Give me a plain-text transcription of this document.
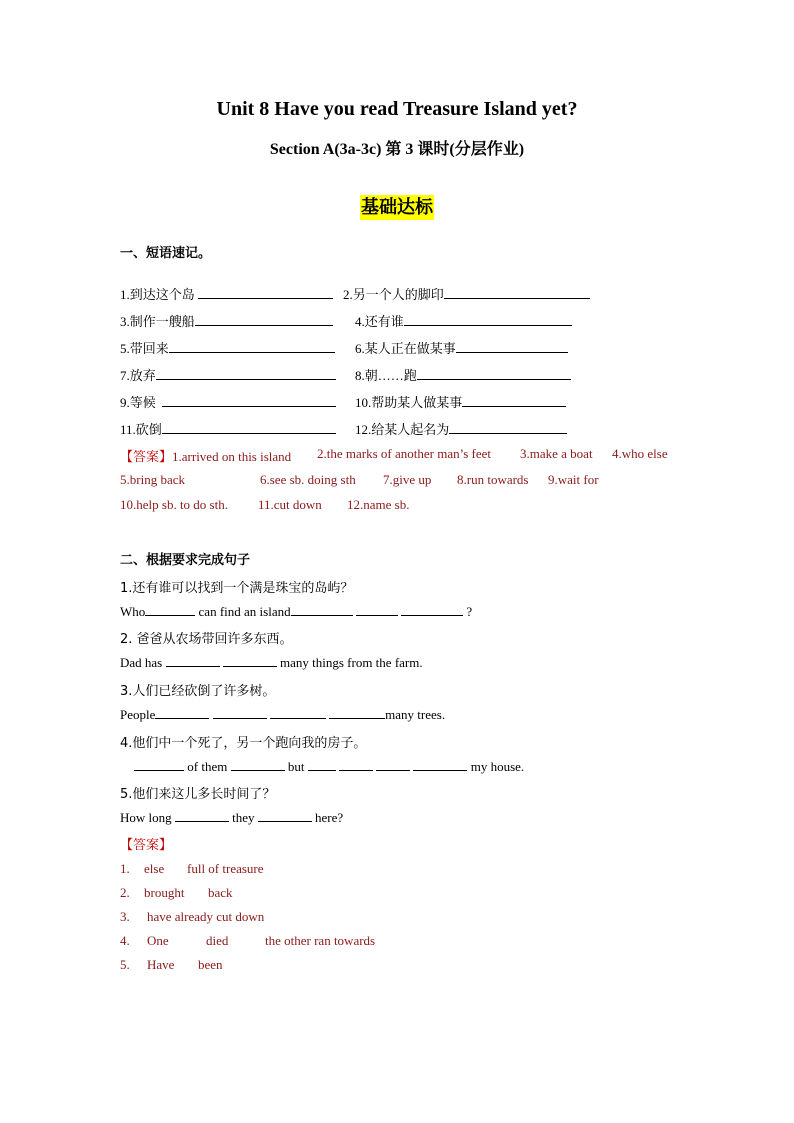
Unit 8 Have you read Treasure Island yet?
Section A(3a-3c) 第 3 课时(分层作业)
基础达标
一、短语速记。
1.到达这个岛	2.另一个人的脚印
3.制作一艘船	4.还有谁
5.带回来	6.某人正在做某事
7.放弃	8.朝……跑
9.等候	10.帮助某人做某事
11.砍倒	12.给某人起名为
【答案】1.arrived on this island 2.the marks of another man’s feet 3.make a boat 4.who else
5.bring back	6.see sb. doing sth 7.give up 8.run towards 9.wait for
10.help sb. to do sth. 11.cut down 12.name sb.
二、根据要求完成句子
1.还有谁可以找到一个满是珠宝的岛屿？
Who	can find an island	?
2. 爸爸从农场带回许多东西。
Dad has	many things from the farm.
3.人们已经砍倒了许多树。
People	many trees.
4.他们中一个死了，另一个跑向我的房子。
of them	but	my house.
5.他们来这儿多长时间了？
How long	they	here?
【答案】
1. else full of treasure
2. brought back
3. have already cut down
4. One	died	the other ran towards
5. Have been
